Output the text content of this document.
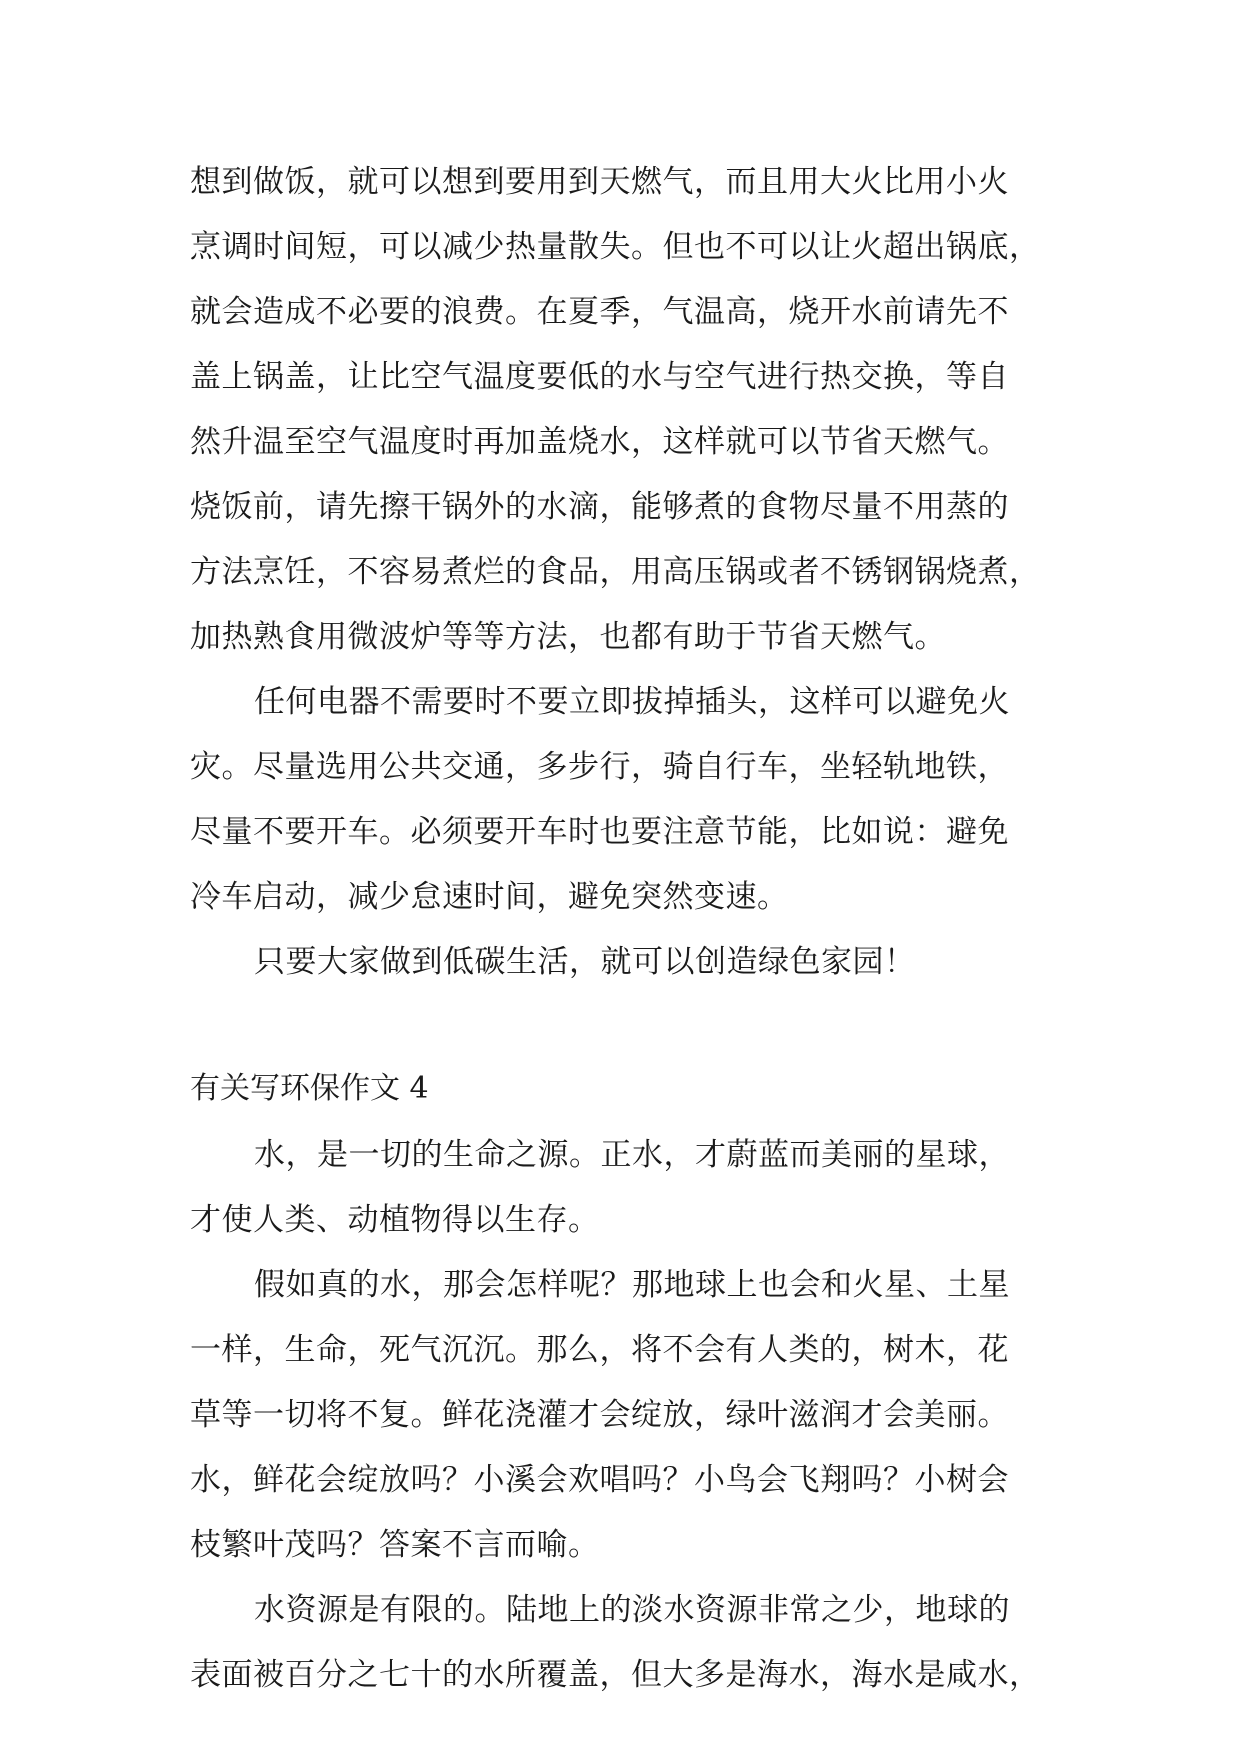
想到做饭，就可以想到要用到天燃气，而且用大火比用小火
烹调时间短，可以减少热量散失。但也不可以让火超出锅底，
就会造成不必要的浪费。在夏季，气温高，烧开水前请先不
盖上锅盖，让比空气温度要低的水与空气进行热交换，等自
然升温至空气温度时再加盖烧水，这样就可以节省天燃气。
烧饭前，请先擦干锅外的水滴，能够煮的食物尽量不用蒸的
方法烹饪，不容易煮烂的食品，用高压锅或者不锈钢锅烧煮，
加热熟食用微波炉等等方法，也都有助于节省天燃气。
任何电器不需要时不要立即拔掉插头，这样可以避免火
灾。尽量选用公共交通，多步行，骑自行车，坐轻轨地铁，
尽量不要开车。必须要开车时也要注意节能，比如说：避免
冷车启动，减少怠速时间，避免突然变速。
只要大家做到低碳生活，就可以创造绿色家园！
有关写环保作文 4
水，是一切的生命之源。正水，才蔚蓝而美丽的星球，
才使人类、动植物得以生存。
假如真的水，那会怎样呢？那地球上也会和火星、土星
一样，生命，死气沉沉。那么，将不会有人类的，树木，花
草等一切将不复。鲜花浇灌才会绽放，绿叶滋润才会美丽。
水，鲜花会绽放吗？小溪会欢唱吗？小鸟会飞翔吗？小树会
枝繁叶茂吗？答案不言而喻。
水资源是有限的。陆地上的淡水资源非常之少，地球的
表面被百分之七十的水所覆盖，但大多是海水，海水是咸水，
